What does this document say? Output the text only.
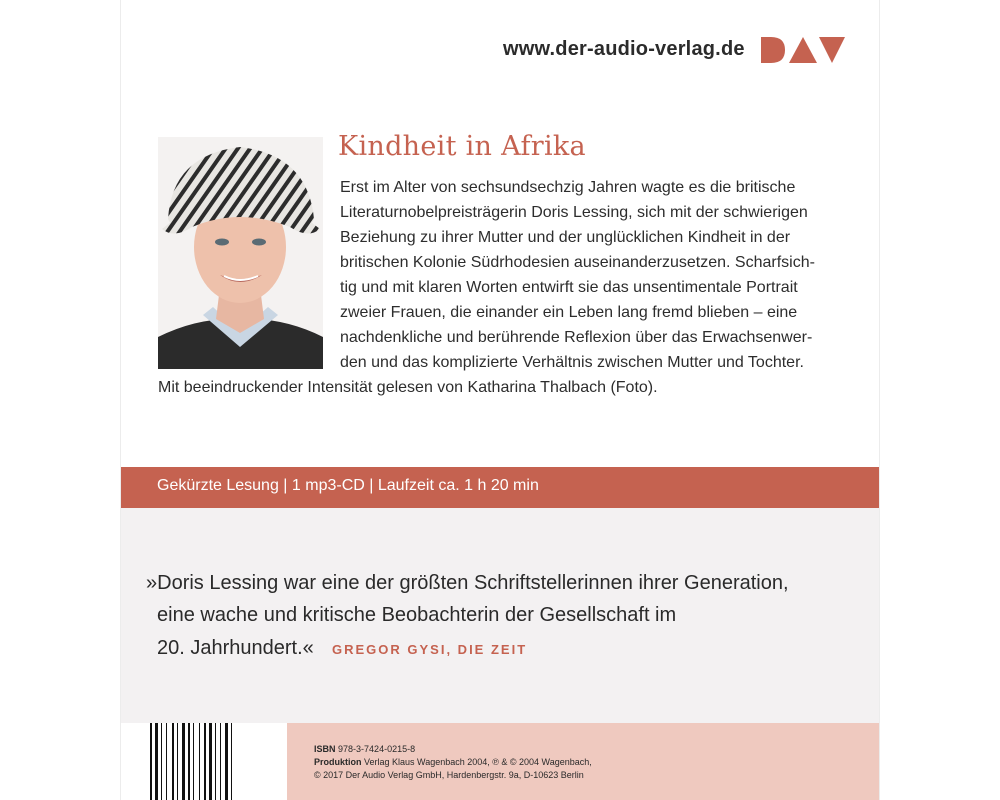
www.der-audio-verlag.de
Kindheit in Afrika
Erst im Alter von sechsundsechzig Jahren wagte es die britische
Literaturnobelpreisträgerin Doris Lessing, sich mit der schwierigen
Beziehung zu ihrer Mutter und der unglücklichen Kindheit in der
britischen Kolonie Südrhodesien auseinanderzusetzen. Scharfsich-
tig und mit klaren Worten entwirft sie das unsentimentale Portrait
zweier Frauen, die einander ein Leben lang fremd blieben – eine
nachdenkliche und berührende Reflexion über das Erwachsenwer-
den und das komplizierte Verhältnis zwischen Mutter und Tochter.
Mit beeindruckender Intensität gelesen von Katharina Thalbach (Foto).
Gekürzte Lesung | 1 mp3-CD | Laufzeit ca. 1 h 20 min
»Doris Lessing war eine der größten Schriftstellerinnen ihrer Generation,
eine wache und kritische Beobachterin der Gesellschaft im
20. Jahrhundert.« GREGOR GYSI, DIE ZEIT
ISBN 978-3-7424-0215-8
Produktion Verlag Klaus Wagenbach 2004, ℗ & © 2004 Wagenbach,
© 2017 Der Audio Verlag GmbH, Hardenbergstr. 9a, D-10623 Berlin
